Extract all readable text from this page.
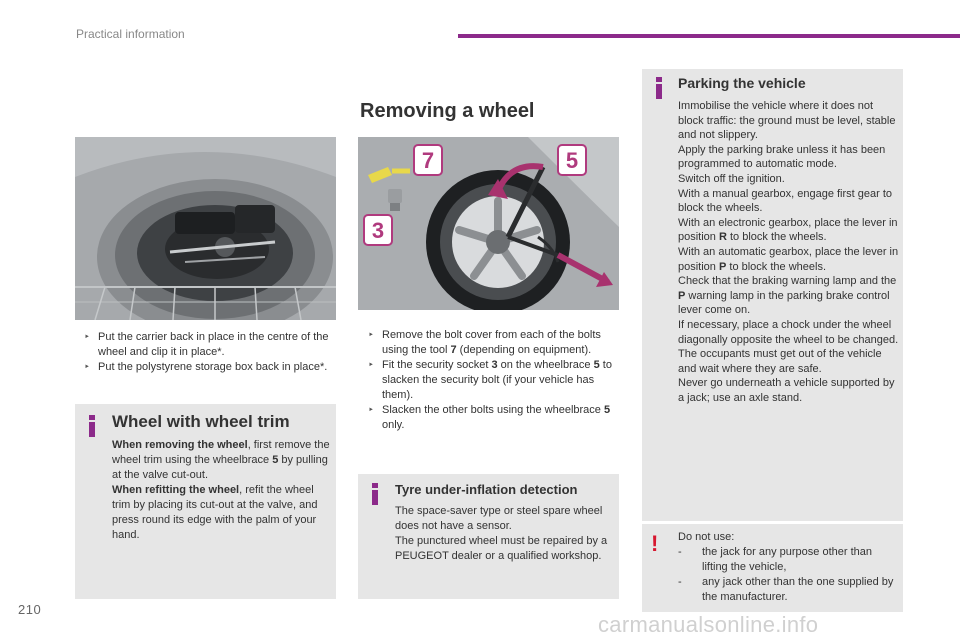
Practical information
‣ Put the carrier back in place in the centre of the wheel and clip it in place*.
‣ Put the polystyrene storage box back in place*.
Wheel with wheel trim

When removing the wheel, first remove the wheel trim using the wheelbrace 5 by pulling at the valve cut-out.

When refitting the wheel, refit the wheel trim by placing its cut-out at the valve, and press round its edge with the palm of your hand.

Removing a wheel
7	5
3
‣ Remove the bolt cover from each of the bolts using the tool 7 (depending on equipment).
‣ Fit the security socket 3 on the wheelbrace 5 to slacken the security bolt (if your vehicle has them).
‣ Slacken the other bolts using the wheelbrace 5 only.
Tyre under-inflation detection

The space-saver type or steel spare wheel does not have a sensor.

The punctured wheel must be repaired by a PEUGEOT dealer or a qualified workshop.

Parking the vehicle

Immobilise the vehicle where it does not block traffic: the ground must be level, stable and not slippery.

Apply the parking brake unless it has been programmed to automatic mode.

Switch off the ignition.

With a manual gearbox, engage first gear to block the wheels.

With an electronic gearbox, place the lever in position R to block the wheels.

With an automatic gearbox, place the lever in position P to block the wheels.

Check that the braking warning lamp and the P warning lamp in the parking brake control lever come on.

If necessary, place a chock under the wheel diagonally opposite the wheel to be changed.

The occupants must get out of the vehicle and wait where they are safe.

Never go underneath a vehicle supported by a jack; use an axle stand.

! Do not use:

- the jack for any purpose other than lifting the vehicle,
- any jack other than the one supplied by the manufacturer.
210
carmanualsonline.info
